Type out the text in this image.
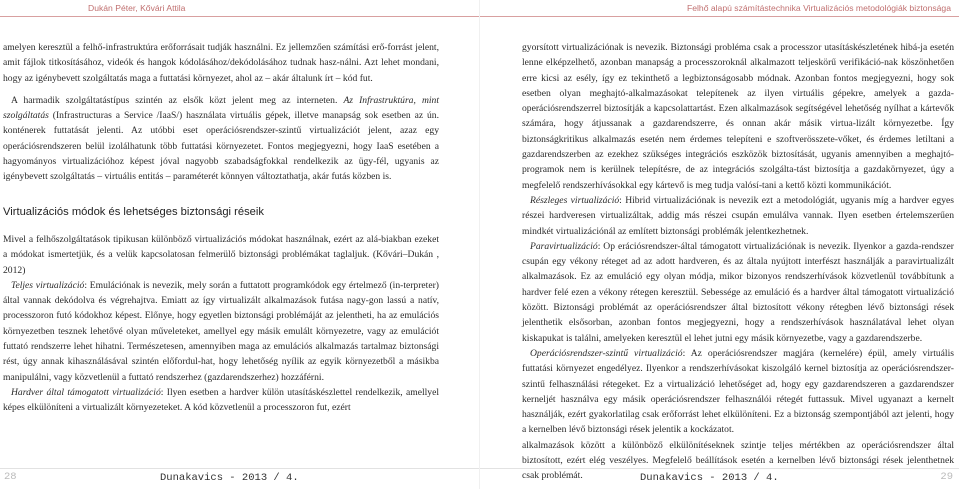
Dukán Péter, Kővári Attila

amelyen keresztül a felhő-infrastruktúra erőforrásait tudják használni. Ez jellemzően számítási erő-forrást jelent, amit fájlok titkosításához, videók és hangok kódolásához/dekódolásához tudnak hasz-nálni. Azt lehet mondani, hogy az igénybevett szolgáltatás maga a futtatási környezet, ahol az – akár általunk írt – kód fut.

A harmadik szolgáltatástípus szintén az elsők közt jelent meg az interneten. Az Infrastruktúra, mint szolgáltatás (Infrastructuras a Service /IaaS/) használata virtuális gépek, illetve manapság sok esetben az ún. konténerek futtatását jelenti. Az utóbbi eset operációsrendszer-szintű virtualizációt jelent, azaz egy operációsrendszeren belül izolálhatunk több futtatási környezetet. Fontos megjegyezni, hogy IaaS esetében a hagyományos virtualizációhoz képest jóval nagyobb szabadságfokkal rendelkezik az ügy-fél, ugyanis az igénybevett szolgáltatás – virtuális entitás – paraméterét könnyen változtathatja, akár futás közben is.

Virtualizációs módok és lehetséges biztonsági réseik

Mivel a felhőszolgáltatások tipikusan különböző virtualizációs módokat használnak, ezért az alá-biakban ezeket a módokat ismertetjük, és a velük kapcsolatosan felmerülő biztonsági problémákat taglaljuk. (Kővári–Dukán , 2012)

Teljes virtualizáció: Emulációnak is nevezik, mely során a futtatott programkódok egy értelmező (in-terpreter) által vannak dekódolva és végrehajtva. Emiatt az így virtualizált alkalmazások futása nagy-gon lassú a natív, processzoron futó kódokhoz képest. Előnye, hogy egyetlen biztonsági problémáját az jelentheti, ha az emulációs környezetben tesznek lehetővé olyan műveleteket, amellyel egy másik emulált környezetre, vagy az emulációt futtató rendszerre lehet hihatni. Természetesen, amennyiben maga az emulációs alkalmazás tartalmaz biztonsági rést, úgy annak kihasználásával szintén előfordul-hat, hogy lehetőség nyílik az egyik környezetből a másikba manipulálni, vagy közvetlenül a futtató rendszerhez (gazdarendszerhez) hozzáférni.

Hardver által támogatott virtualizáció: Ilyen esetben a hardver külön utasításkészlettel rendelkezik, amellyel képes elkülöníteni a virtualizált környezeteket. A kód közvetlenül a processzoron fut, ezért

28	Dunakavics - 2013 / 4.
Felhő alapú számítástechnika Virtualizációs metodológiák biztonsága

gyorsított virtualizációnak is nevezik. Biztonsági probléma csak a processzor utasításkészletének hibá-ja esetén lenne elképzelhető, azonban manapság a processzoroknál alkalmazott teljeskörű verifikáció-nak köszönhetően erre kicsi az esély, így ez tekinthető a legbiztonságosabb módnak. Azonban fontos megjegyezni, hogy sok esetben olyan meghajtó-alkalmazásokat telepítenek az ilyen virtuális gépekre, amelyek a gazda-operációsrendszerrel biztosítják a kapcsolattartást. Ezen alkalmazások segítségével lehetőség nyílhat a kártevők számára, hogy átjussanak a gazdarendszerre, és onnan akár másik virtua-lizált környezetbe. Így biztonságkritikus alkalmazás esetén nem érdemes telepíteni e szoftverösszete-vőket, és érdemes letiltani a gazdarendszerben az ezekhez szükséges integrációs eszközök biztosítását, ugyanis amennyiben a meghajtó-programok nem is kerülnek telepítésre, de az integrációs szolgálta-tást biztosítja a gazdakörnyezet, úgy a megfelelő rendszerhívásokkal egy kártevő is meg tudja valósí-tani a kettő közti kommunikációt.

Részleges virtualizáció: Hibrid virtualizációnak is nevezik ezt a metodológiát, ugyanis míg a hardver egyes részei hardveresen virtualizáltak, addig más részei csupán emulálva vannak. Ilyen esetben értelemszerűen mindkét virtualizációnál az említett biztonsági problémák jelentkezhetnek.

Paravirtualizáció: Op erációsrendszer-által támogatott virtualizációnak is nevezik. Ilyenkor a gazda-rendszer csupán egy vékony réteget ad az adott hardveren, és az általa nyújtott interfészt használják a paravirtualizált alkalmazások. Ez az emuláció egy olyan módja, mikor bizonyos rendszerhívások közvetlenül továbbítunk a hardver felé ezen a vékony rétegen keresztül. Sebessége az emuláció és a hardver által támogatott virtualizáció között. Biztonsági problémát az operációsrendszer által biztosított vékony rétegben lévő biztonsági rések jelenthetik elsősorban, azonban fontos megjegyezni, hogy a rendszerhívások használatával lehet olyan kiskapukat is találni, amelyeken keresztül el lehet jutni egy másik környezetbe, vagy a gazdarendszerbe.

Operációsrendszer-szintű virtualizáció: Az operációsrendszer magjára (kernelére) épül, amely virtuális futtatási környezet engedélyez. Ilyenkor a rendszerhívásokat kiszolgáló kernel biztosítja az operációsrendszer-szintű felhasználási rétegeket. Ez a virtualizáció lehetőséget ad, hogy egy gazdarendszeren a gazdarendszer kerneljét használva egy másik operációsrendszer felhasználói rétegét futtassuk. Mivel ugyanazt a kernelt használják, ezért gyakorlatilag csak erőforrást lehet elkülöníteni. Ez a biztonság szempontjából azt jelenti, hogy a kernelben lévő biztonsági rések jelentik a kockázatot.

alkalmazások között a különböző elkülönítéseknek szintje teljes mértékben az operációsrendszer által biztosított, ezért elég veszélyes. Megfelelő beállítások esetén a kernelben lévő biztonsági rések jelenthetnek csak problémát.	Dunakavics - 2013 / 4.	29
